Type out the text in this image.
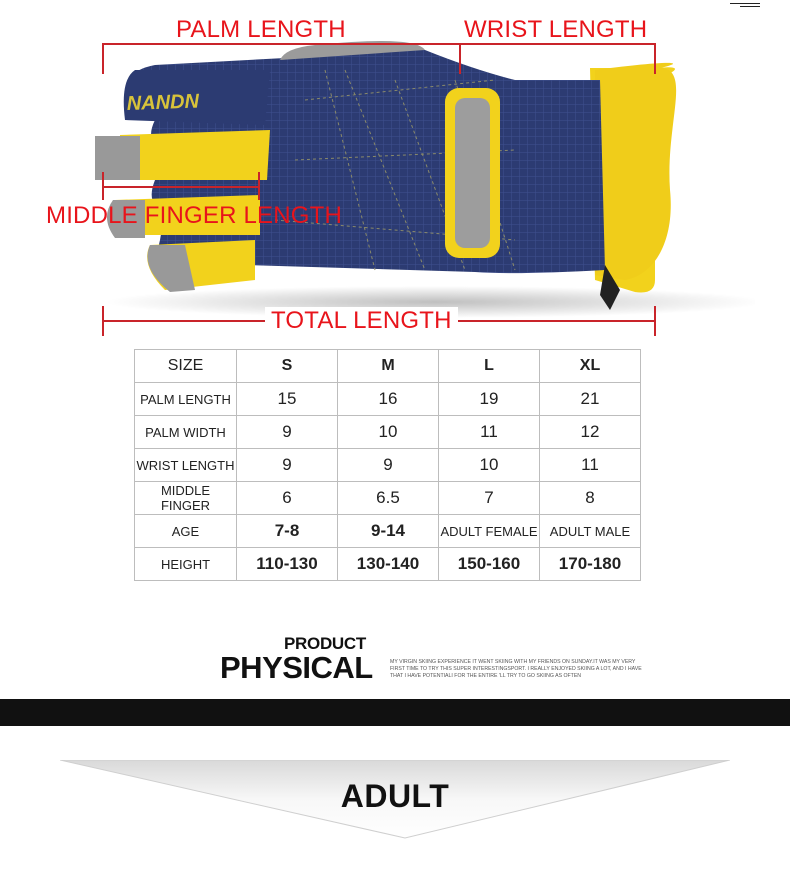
NANDN
PALM LENGTH	WRIST LENGTH
MIDDLE FINGER LENGTH
TOTAL LENGTH
SIZE	S	M	L	XL
PALM LENGTH	15	16	19	21
PALM WIDTH	9	10	11	12
WRIST LENGTH	9	9	10	11
MIDDLE FINGER	6	6.5	7	8
AGE	7-8	9-14	ADULT FEMALE	ADULT MALE
HEIGHT	110-130	130-140	150-160	170-180
PRODUCT
PHYSICAL	MY VIRGIN SKIING EXPERIENCE IT WENT SKIING WITH MY FRIENDS ON SUNDAY.IT WAS MY VERY FIRST TIME TO TRY THIS SUPER INTERESTINGSPORT. I REALLY ENJOYED SKIING A LOT, AND I HAVE THAT I HAVE POTENTIALI FOR THE ENTIRE 'LL TRY TO GO SKIING AS OFTEN
ADULT
